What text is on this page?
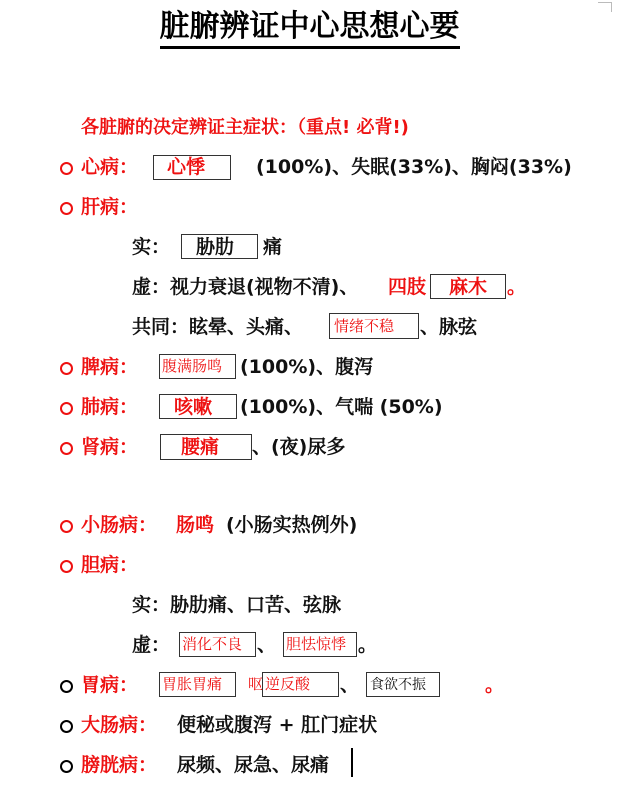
脏腑辨证中心思想心要
各脏腑的决定辨证主症状：（重点! 必背!)
心病： 心悸	(100%)、失眠(33%)、胸闷(33%)
肝病：
实： 胁肋 痛
虚：视力衰退(视物不清)、 四肢 麻木 。
共同：眩晕、头痛、 情绪不稳 、脉弦
脾病： 腹满肠鸣 (100%)、腹泻
肺病： 咳嗽 (100%)、气喘 (50%)
肾病： 腰痛 、(夜)尿多
小肠病： 肠鸣 (小肠实热例外)
胆病：
实：胁肋痛、口苦、弦脉
虚： 消化不良 、 胆怯惊悸 。
胃病： 胃胀胃痛 呕 逆反酸 、 食欲不振	。
大肠病： 便秘或腹泻 + 肛门症状
膀胱病： 尿频、尿急、尿痛
